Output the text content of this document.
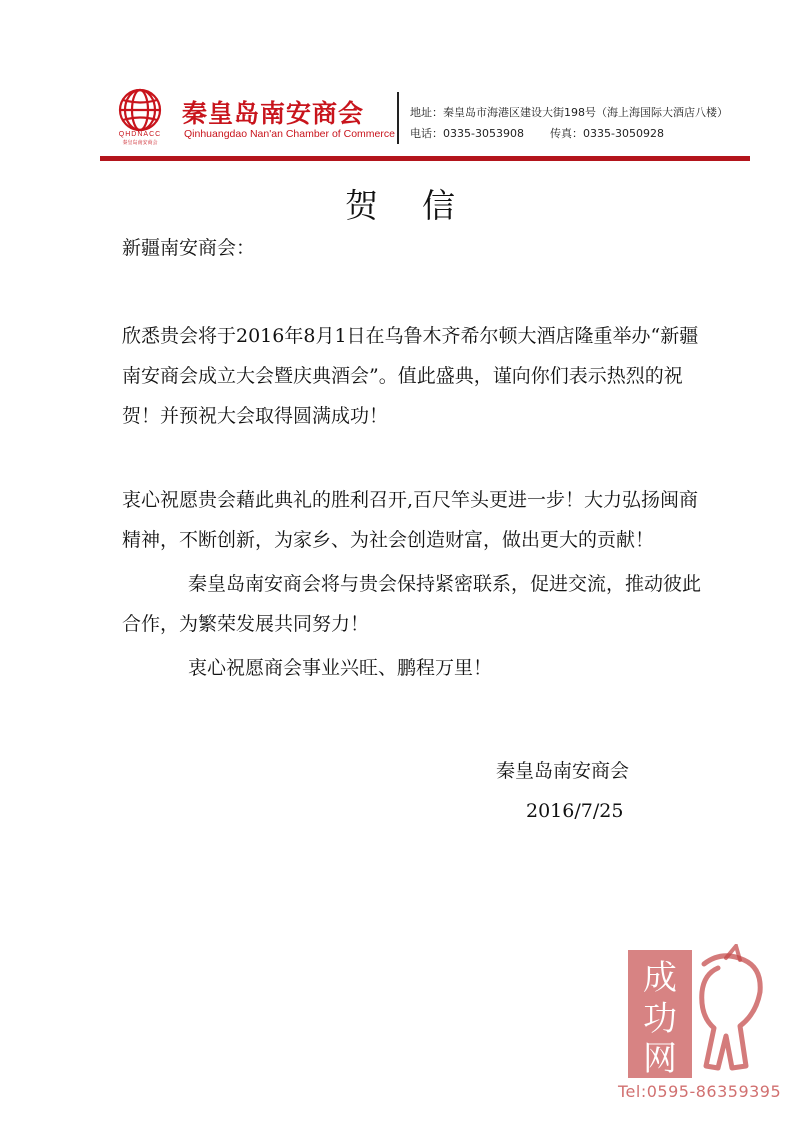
QHDNACC
秦皇岛南安商会
秦皇岛南安商会
Qinhuangdao Nan'an Chamber of Commerce
地址：秦皇岛市海港区建设大街198号（海上海国际大酒店八楼）
电话：0335-3053908 传真：0335-3050928
贺信

新疆南安商会：

欣悉贵会将于2016年8月1日在乌鲁木齐希尔顿大酒店隆重举办“新疆南安商会成立大会暨庆典酒会”。值此盛典，谨向你们表示热烈的祝贺！并预祝大会取得圆满成功！

衷心祝愿贵会藉此典礼的胜利召开,百尺竿头更进一步！大力弘扬闽商精神，不断创新，为家乡、为社会创造财富，做出更大的贡献！

秦皇岛南安商会将与贵会保持紧密联系，促进交流，推动彼此合作，为繁荣发展共同努力！

衷心祝愿商会事业兴旺、鹏程万里！

秦皇岛南安商会
2016/7/25
成
功
网
Tel:0595-86359395
